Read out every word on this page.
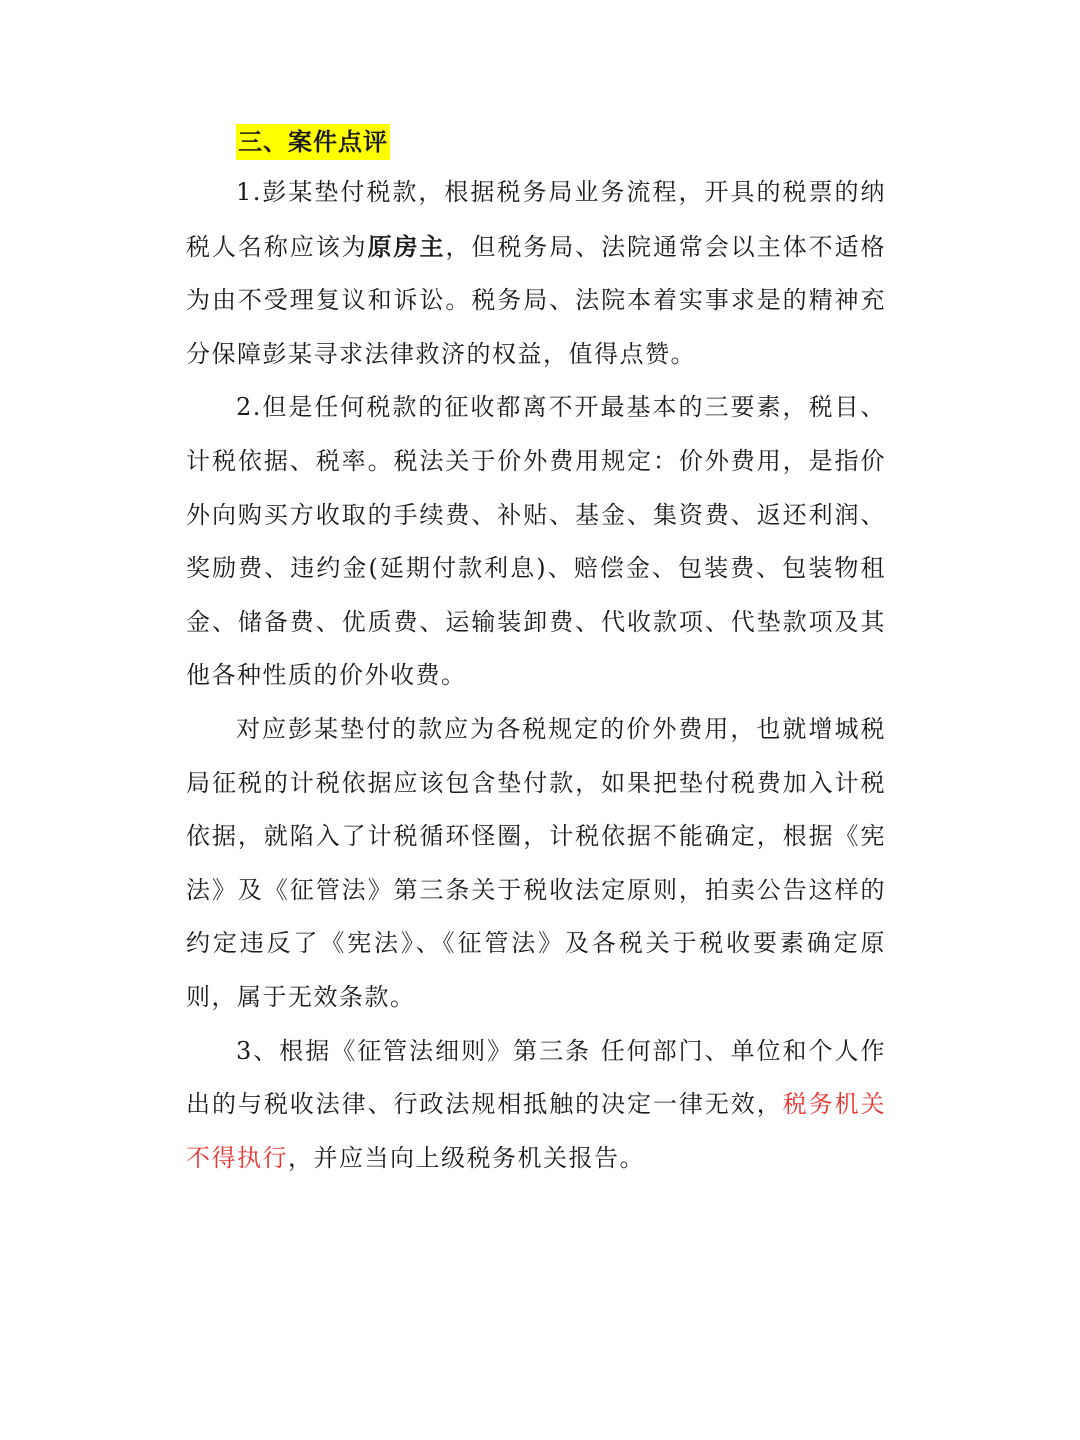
三、案件点评

1.彭某垫付税款，根据税务局业务流程，开具的税票的纳税人名称应该为原房主，但税务局、法院通常会以主体不适格为由不受理复议和诉讼。税务局、法院本着实事求是的精神充分保障彭某寻求法律救济的权益，值得点赞。

2.但是任何税款的征收都离不开最基本的三要素，税目、计税依据、税率。税法关于价外费用规定：价外费用，是指价外向购买方收取的手续费、补贴、基金、集资费、返还利润、奖励费、违约金(延期付款利息)、赔偿金、包装费、包装物租金、储备费、优质费、运输装卸费、代收款项、代垫款项及其他各种性质的价外收费。

对应彭某垫付的款应为各税规定的价外费用，也就增城税局征税的计税依据应该包含垫付款，如果把垫付税费加入计税依据，就陷入了计税循环怪圈，计税依据不能确定，根据《宪法》及《征管法》第三条关于税收法定原则，拍卖公告这样的约定违反了《宪法》、《征管法》及各税关于税收要素确定原则，属于无效条款。

3、根据《征管法细则》第三条 任何部门、单位和个人作出的与税收法律、行政法规相抵触的决定一律无效，税务机关不得执行，并应当向上级税务机关报告。
